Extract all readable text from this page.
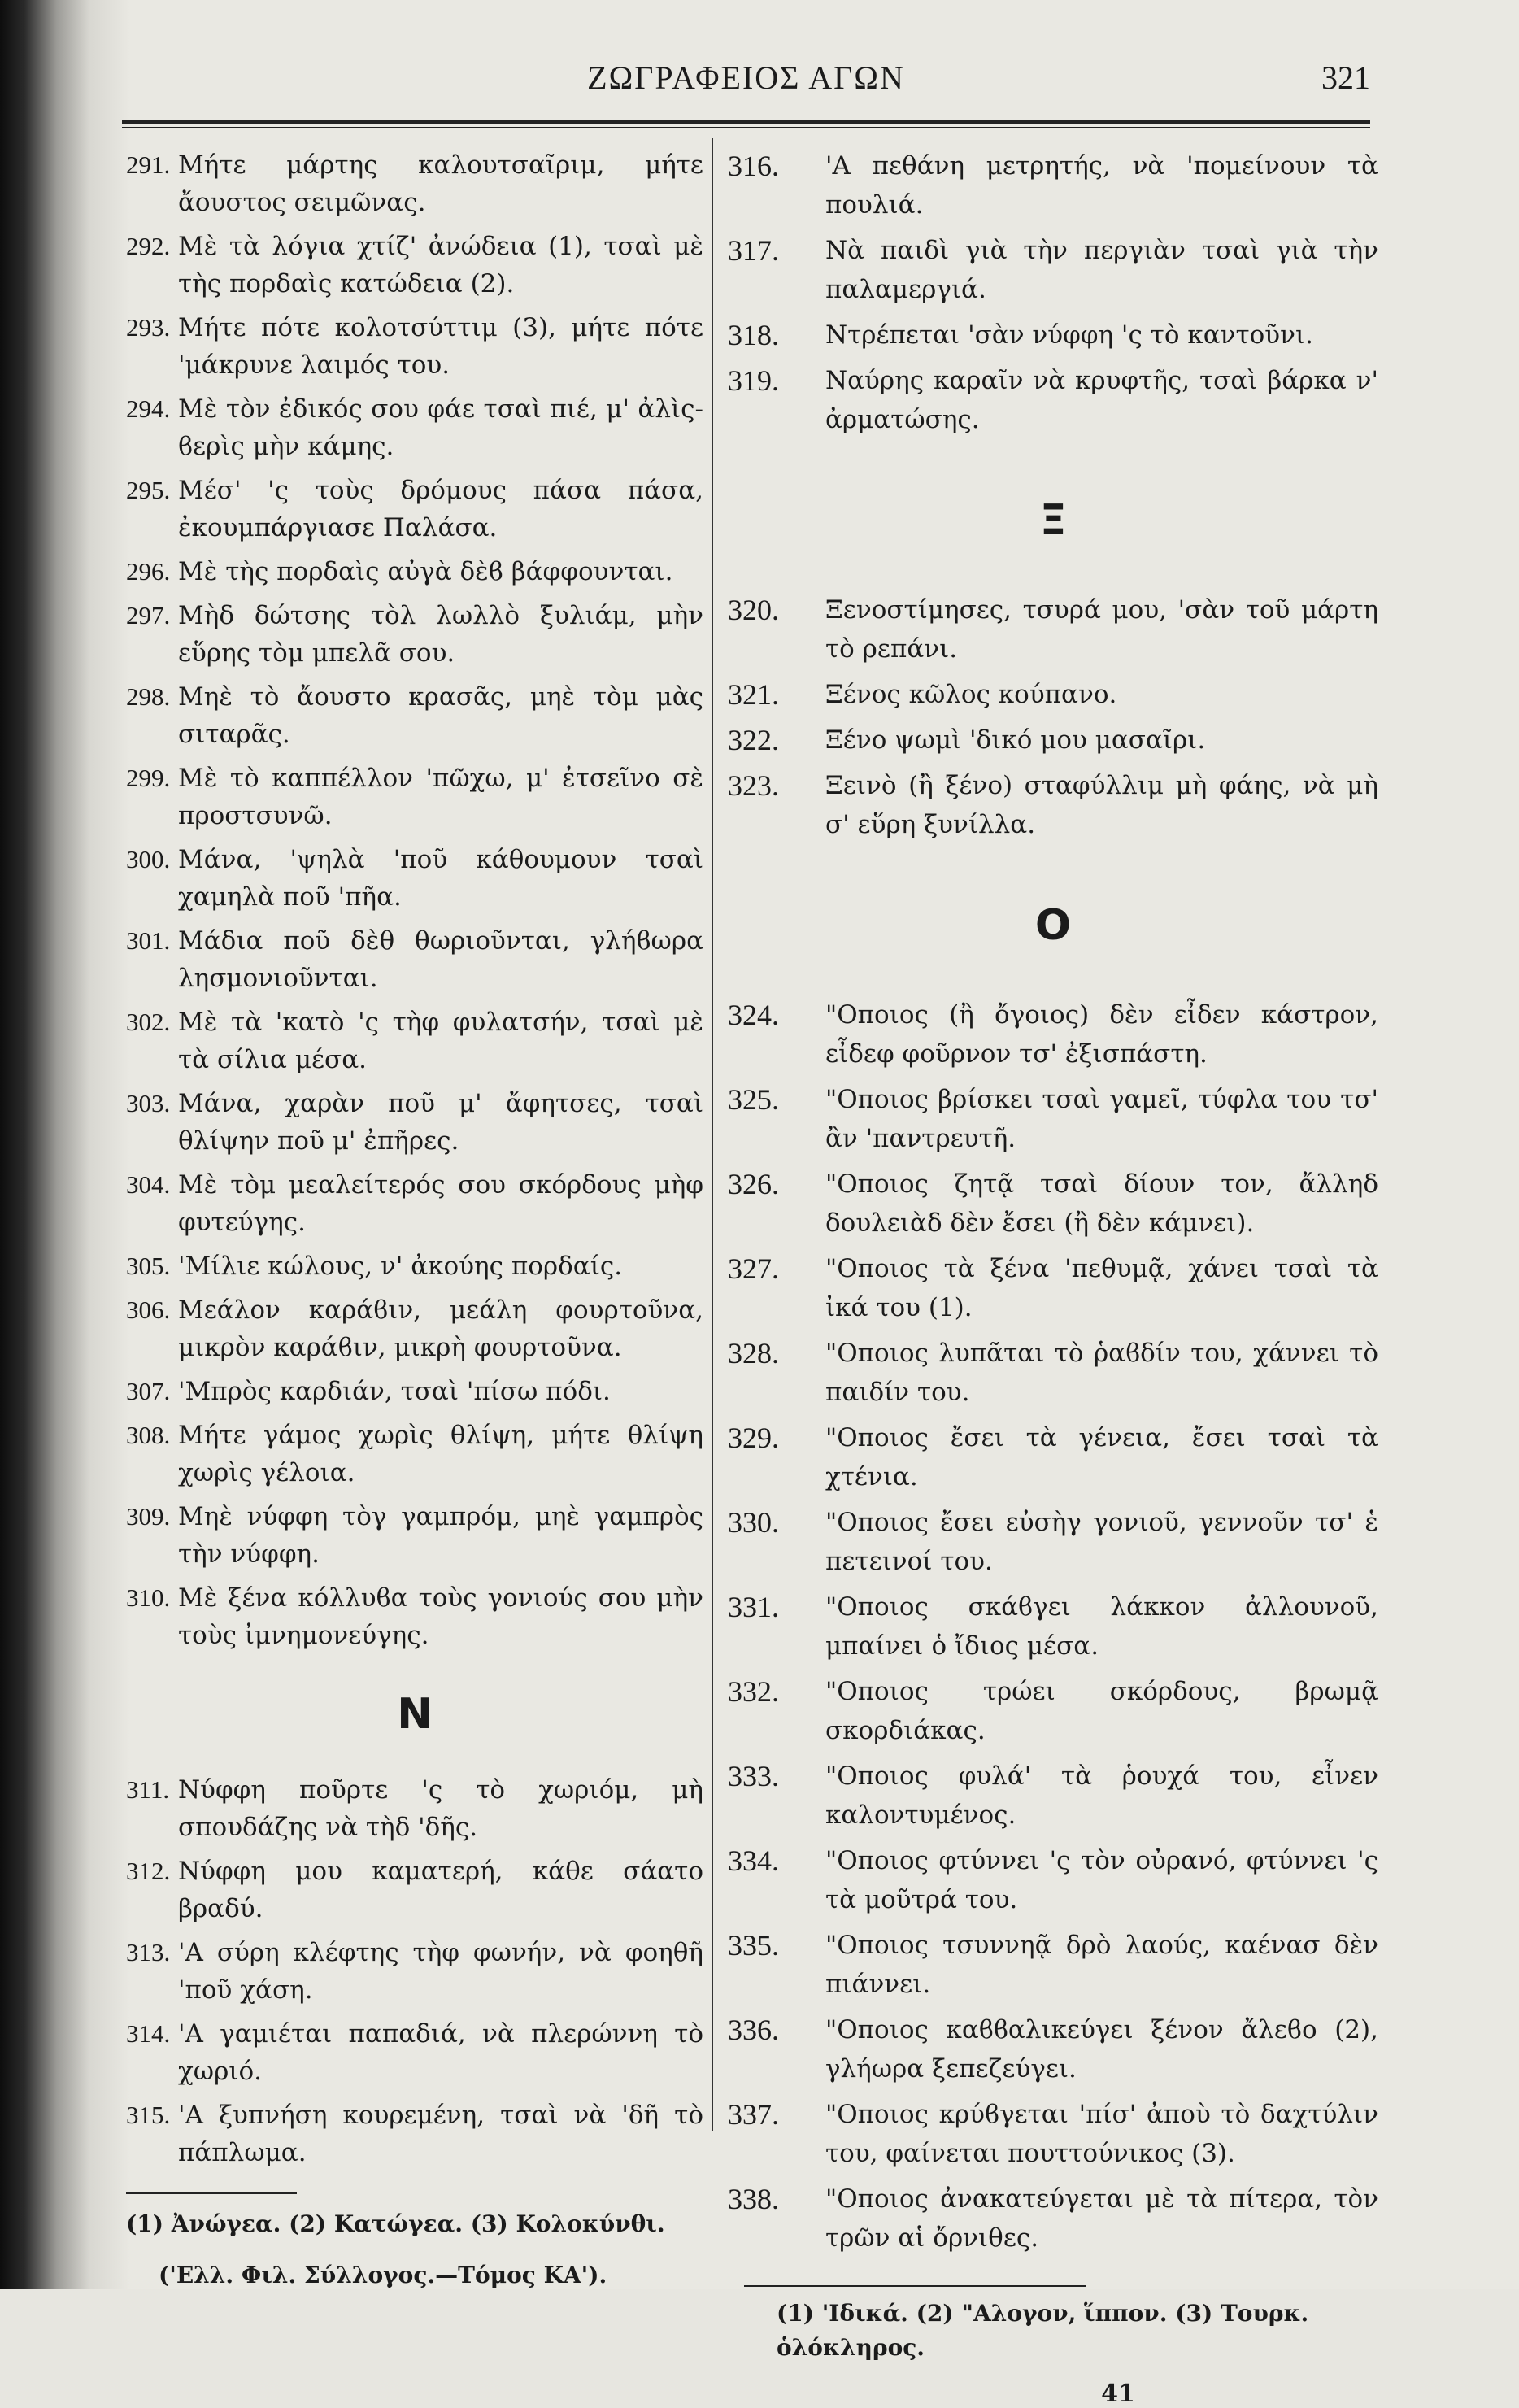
ΖΩΓΡΑΦΕΙΟΣ ΑΓΩΝ	321
291. Μήτε μάρτης καλουτσαῖριμ, μήτε ἄουστος σειμῶνας.
292. Μὲ τὰ λόγια χτίζ' ἀνώδεια (1), τσαὶ μὲ τὴς πορδαὶς κατώδεια (2).
293. Μήτε πότε κολοτσύττιμ (3), μήτε πότε 'μάκρυνε λαιμός του.
294. Μὲ τὸν ἐδικός σου φάε τσαὶ πιέ, μ' ἀλὶς-ϐερὶς μὴν κάμης.
295. Μέσ' 'ς τοὺς δρόμους πάσα πάσα, ἐκουμπάργιασε Παλάσα.
296. Μὲ τὴς πορδαὶς αὐγὰ δὲϐ βάφφουνται.
297. Μὴδ δώτσης τὸλ λωλλὸ ξυλιάμ, μὴν εὕρης τὸμ μπελᾶ σου.
298. Μηὲ τὸ ἄουστο κρασᾶς, μηὲ τὸμ μὰς σιταρᾶς.
299. Μὲ τὸ καππέλλον 'πῶχω, μ' ἐτσεῖνο σὲ προστσυνῶ.
300. Μάνα, 'ψηλὰ 'ποῦ κάθουμουν τσαὶ χαμηλὰ ποῦ 'πῆα.
301. Μάδια ποῦ δὲθ θωριοῦνται, γλήϐωρα λησμονιοῦνται.
302. Μὲ τὰ 'κατὸ 'ς τὴφ φυλατσήν, τσαὶ μὲ τὰ σίλια μέσα.
303. Μάνα, χαρὰν ποῦ μ' ἄφητσες, τσαὶ θλίψην ποῦ μ' ἐπῆρες.
304. Μὲ τὸμ μεαλείτερός σου σκόρδους μὴφ φυτεύγης.
305. 'Μίλιε κώλους, ν' ἀκούης πορδαίς.
306. Μεάλον καράϐιν, μεάλη φουρτοῦνα, μικρὸν καράϐιν, μικρὴ φουρτοῦνα.
307. 'Μπρὸς καρδιάν, τσαὶ 'πίσω πόδι.
308. Μήτε γάμος χωρὶς θλίψη, μήτε θλίψη χωρὶς γέλοια.
309. Μηὲ νύφφη τὸγ γαμπρόμ, μηὲ γαμπρὸς τὴν νύφφη.
310. Μὲ ξένα κόλλυϐα τοὺς γονιούς σου μὴν τοὺς ἰμνημονεύγης.
Ν
311. Νύφφη ποῦρτε 'ς τὸ χωριόμ, μὴ σπουδάζης νὰ τὴδ 'δῆς.
312. Νύφφη μου καματερή, κάθε σάατο βραδύ.
313. 'Α σύρη κλέφτης τὴφ φωνήν, νὰ φοηθῆ 'ποῦ χάση.
314. 'Α γαμιέται παπαδιά, νὰ πλερώννη τὸ χωριό.
315. 'Α ξυπνήση κουρεμένη, τσαὶ νὰ 'δῆ τὸ πάπλωμα.
(1) Ἀνώγεα. (2) Κατώγεα. (3) Κολοκύνθι.
('Ελλ. Φιλ. Σύλλογος.—Τόμος ΚΑ').
316. 'Α πεθάνη μετρητής, νὰ 'πομείνουν τὰ πουλιά.
317. Νὰ παιδὶ γιὰ τὴν περγιὰν τσαὶ γιὰ τὴν παλαμεργιά.
318. Ντρέπεται 'σὰν νύφφη 'ς τὸ καντοῦνι.
319. Ναύρης καραῖν νὰ κρυφτῆς, τσαὶ βάρκα ν' ἀρματώσης.
Ξ
320. Ξενοστίμησες, τσυρά μου, 'σὰν τοῦ μάρτη τὸ ρεπάνι.
321. Ξένος κῶλος κούπανο.
322. Ξένο ψωμὶ 'δικό μου μασαῖρι.
323. Ξεινὸ (ἢ ξένο) σταφύλλιμ μὴ φάης, νὰ μὴ σ' εὕρη ξυνίλλα.
Ο
324. "Οποιος (ἢ ὄγοιος) δὲν εἶδεν κάστρον, εἶδεφ φοῦρνον τσ' ἐξισπάστη.
325. "Οποιος βρίσκει τσαὶ γαμεῖ, τύφλα του τσ' ἂν 'παντρευτῆ.
326. "Οποιος ζητᾷ τσαὶ δίουν τον, ἄλληδ δουλειὰδ δὲν ἔσει (ἢ δὲν κάμνει).
327. "Οποιος τὰ ξένα 'πεθυμᾷ, χάνει τσαὶ τὰ ἰκά του (1).
328. "Οποιος λυπᾶται τὸ ῥαϐδίν του, χάννει τὸ παιδίν του.
329. "Οποιος ἔσει τὰ γένεια, ἔσει τσαὶ τὰ χτένια.
330. "Οποιος ἔσει εὐσὴγ γονιοῦ, γεννοῦν τσ' ἑ πετεινοί του.
331. "Οποιος σκάϐγει λάκκον ἀλλουνοῦ, μπαίνει ὁ ἴδιος μέσα.
332. "Οποιος τρώει σκόρδους, βρωμᾷ σκορδιάκας.
333. "Οποιος φυλά' τὰ ῥουχά του, εἶνεν καλοντυμένος.
334. "Οποιος φτύννει 'ς τὸν οὐρανό, φτύννει 'ς τὰ μοῦτρά του.
335. "Οποιος τσυννηᾷ δρὸ λαούς, καένασ δὲν πιάννει.
336. "Οποιος καϐϐαλικεύγει ξένον ἄλεϐο (2), γλήωρα ξεπεζεύγει.
337. "Οποιος κρύϐγεται 'πίσ' ἀποὺ τὸ δαχτύλιν του, φαίνεται πουττούνικος (3).
338. "Οποιος ἀνακατεύγεται μὲ τὰ πίτερα, τὸν τρῶν αἱ ὄρνιθες.
(1) 'Ιδικά. (2) "Αλογον, ἵππον. (3) Τουρκ. ὁλόκληρος.
41
